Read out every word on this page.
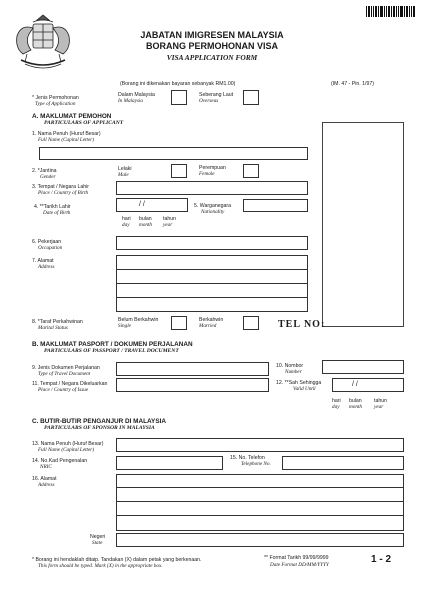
JABATAN IMIGRESEN MALAYSIA
BORANG PERMOHONAN VISA
VISA APPLICATION FORM
(Borang ini dikenakan bayaran sebanyak RM1.00)	(IM. 47 - Pin. 1/97)
* Jenis Permohonan
Type of Application
Dalam Malaysia
In Malaysia
Seberang Laut
Overseas
A. MAKLUMAT PEMOHON
PARTICULARS OF APPLICANT
1. Nama Penuh (Huruf Besar)
Full Name (Capital Letter)
2. *Jantina
Gender
Lelaki
Male
Perempuan
Female
3. Tempat / Negara Lahir
Place / Country of Birth
4. **Tarikh Lahir
Date of Birth
/ /
hari
day
bulan
month
tahun
year
5. Warganegara
Nationality
6. Pekerjaan
Occupation
7. Alamat
Address
8. *Taraf Perkahwinan
Marital Status
Belum Berkahwin
Single
Berkahwin
Married	TEL NO:
B. MAKLUMAT PASPORT / DOKUMEN PERJALANAN
PARTICULARS OF PASSPORT / TRAVEL DOCUMENT
9. Jenis Dokumen Perjalanan
Type of Travel Document
10. Nombor
Number
11. Tempat / Negara Dikeluarkan
Place / Country of Issue
12. **Sah Sehingga
Valid Until
/ /
hari
day
bulan
month
tahun
year
C. BUTIR-BUTIR PENGANJUR DI MALAYSIA
PARTICULARS OF SPONSOR IN MALAYSIA
13. Nama Penuh (Huruf Besar)
Full Name (Capital Letter)
14. No.Kad Pengenalan
NRIC
15. No. Telefon
Telephone No.
16. Alamat
Address
Negeri
State
* Borang ini hendaklah ditaip. Tandakan (X) dalam petak yang berkenaan.
This form should be typed. Mark (X) in the appropriate box.
** Format Tarikh 99/99/9999
Date Format DD/MM/YYYY	1 - 2
